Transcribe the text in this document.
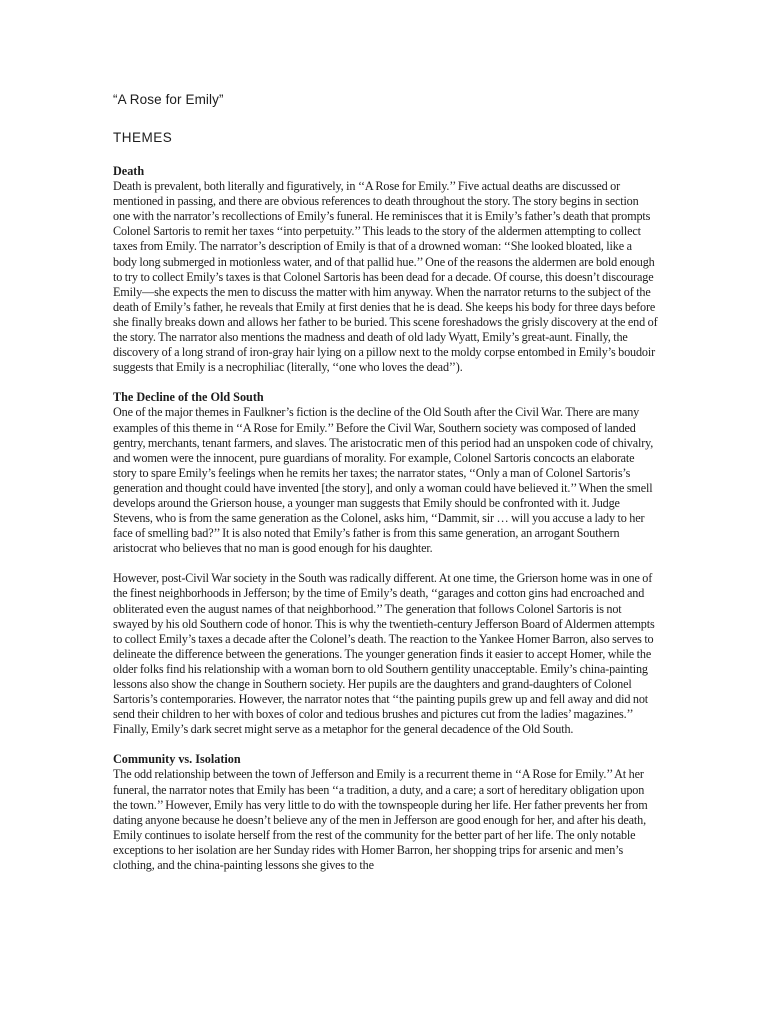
“A Rose for Emily”
THEMES
Death

Death is prevalent, both literally and figuratively, in ‘‘A Rose for Emily.’’ Five actual deaths are discussed or mentioned in passing, and there are obvious references to death throughout the story. The story begins in section one with the narrator’s recollections of Emily’s funeral. He reminisces that it is Emily’s father’s death that prompts Colonel Sartoris to remit her taxes ‘‘into perpetuity.’’ This leads to the story of the aldermen attempting to collect taxes from Emily. The narrator’s description of Emily is that of a drowned woman: ‘‘She looked bloated, like a body long submerged in motionless water, and of that pallid hue.’’ One of the reasons the aldermen are bold enough to try to collect Emily’s taxes is that Colonel Sartoris has been dead for a decade. Of course, this doesn’t discourage Emily—she expects the men to discuss the matter with him anyway. When the narrator returns to the subject of the death of Emily’s father, he reveals that Emily at first denies that he is dead. She keeps his body for three days before she finally breaks down and allows her father to be buried. This scene foreshadows the grisly discovery at the end of the story. The narrator also mentions the madness and death of old lady Wyatt, Emily’s great-aunt. Finally, the discovery of a long strand of iron-gray hair lying on a pillow next to the moldy corpse entombed in Emily’s boudoir suggests that Emily is a necrophiliac (literally, ‘‘one who loves the dead’’).

The Decline of the Old South

One of the major themes in Faulkner’s fiction is the decline of the Old South after the Civil War. There are many examples of this theme in ‘‘A Rose for Emily.’’ Before the Civil War, Southern society was composed of landed gentry, merchants, tenant farmers, and slaves. The aristocratic men of this period had an unspoken code of chivalry, and women were the innocent, pure guardians of morality. For example, Colonel Sartoris concocts an elaborate story to spare Emily’s feelings when he remits her taxes; the narrator states, ‘‘Only a man of Colonel Sartoris’s generation and thought could have invented [the story], and only a woman could have believed it.’’ When the smell develops around the Grierson house, a younger man suggests that Emily should be confronted with it. Judge Stevens, who is from the same generation as the Colonel, asks him, ‘‘Dammit, sir … will you accuse a lady to her face of smelling bad?’’ It is also noted that Emily’s father is from this same generation, an arrogant Southern aristocrat who believes that no man is good enough for his daughter.

However, post-Civil War society in the South was radically different. At one time, the Grierson home was in one of the finest neighborhoods in Jefferson; by the time of Emily’s death, ‘‘garages and cotton gins had encroached and obliterated even the august names of that neighborhood.’’ The generation that follows Colonel Sartoris is not swayed by his old Southern code of honor. This is why the twentieth-century Jefferson Board of Aldermen attempts to collect Emily’s taxes a decade after the Colonel’s death. The reaction to the Yankee Homer Barron, also serves to delineate the difference between the generations. The younger generation finds it easier to accept Homer, while the older folks find his relationship with a woman born to old Southern gentility unacceptable. Emily’s china-painting lessons also show the change in Southern society. Her pupils are the daughters and grand-daughters of Colonel Sartoris’s contemporaries. However, the narrator notes that ‘‘the painting pupils grew up and fell away and did not send their children to her with boxes of color and tedious brushes and pictures cut from the ladies’ magazines.’’ Finally, Emily’s dark secret might serve as a metaphor for the general decadence of the Old South.

Community vs. Isolation

The odd relationship between the town of Jefferson and Emily is a recurrent theme in ‘‘A Rose for Emily.’’ At her funeral, the narrator notes that Emily has been ‘‘a tradition, a duty, and a care; a sort of hereditary obligation upon the town.’’ However, Emily has very little to do with the townspeople during her life. Her father prevents her from dating anyone because he doesn’t believe any of the men in Jefferson are good enough for her, and after his death, Emily continues to isolate herself from the rest of the community for the better part of her life. The only notable exceptions to her isolation are her Sunday rides with Homer Barron, her shopping trips for arsenic and men’s clothing, and the china-painting lessons she gives to the
